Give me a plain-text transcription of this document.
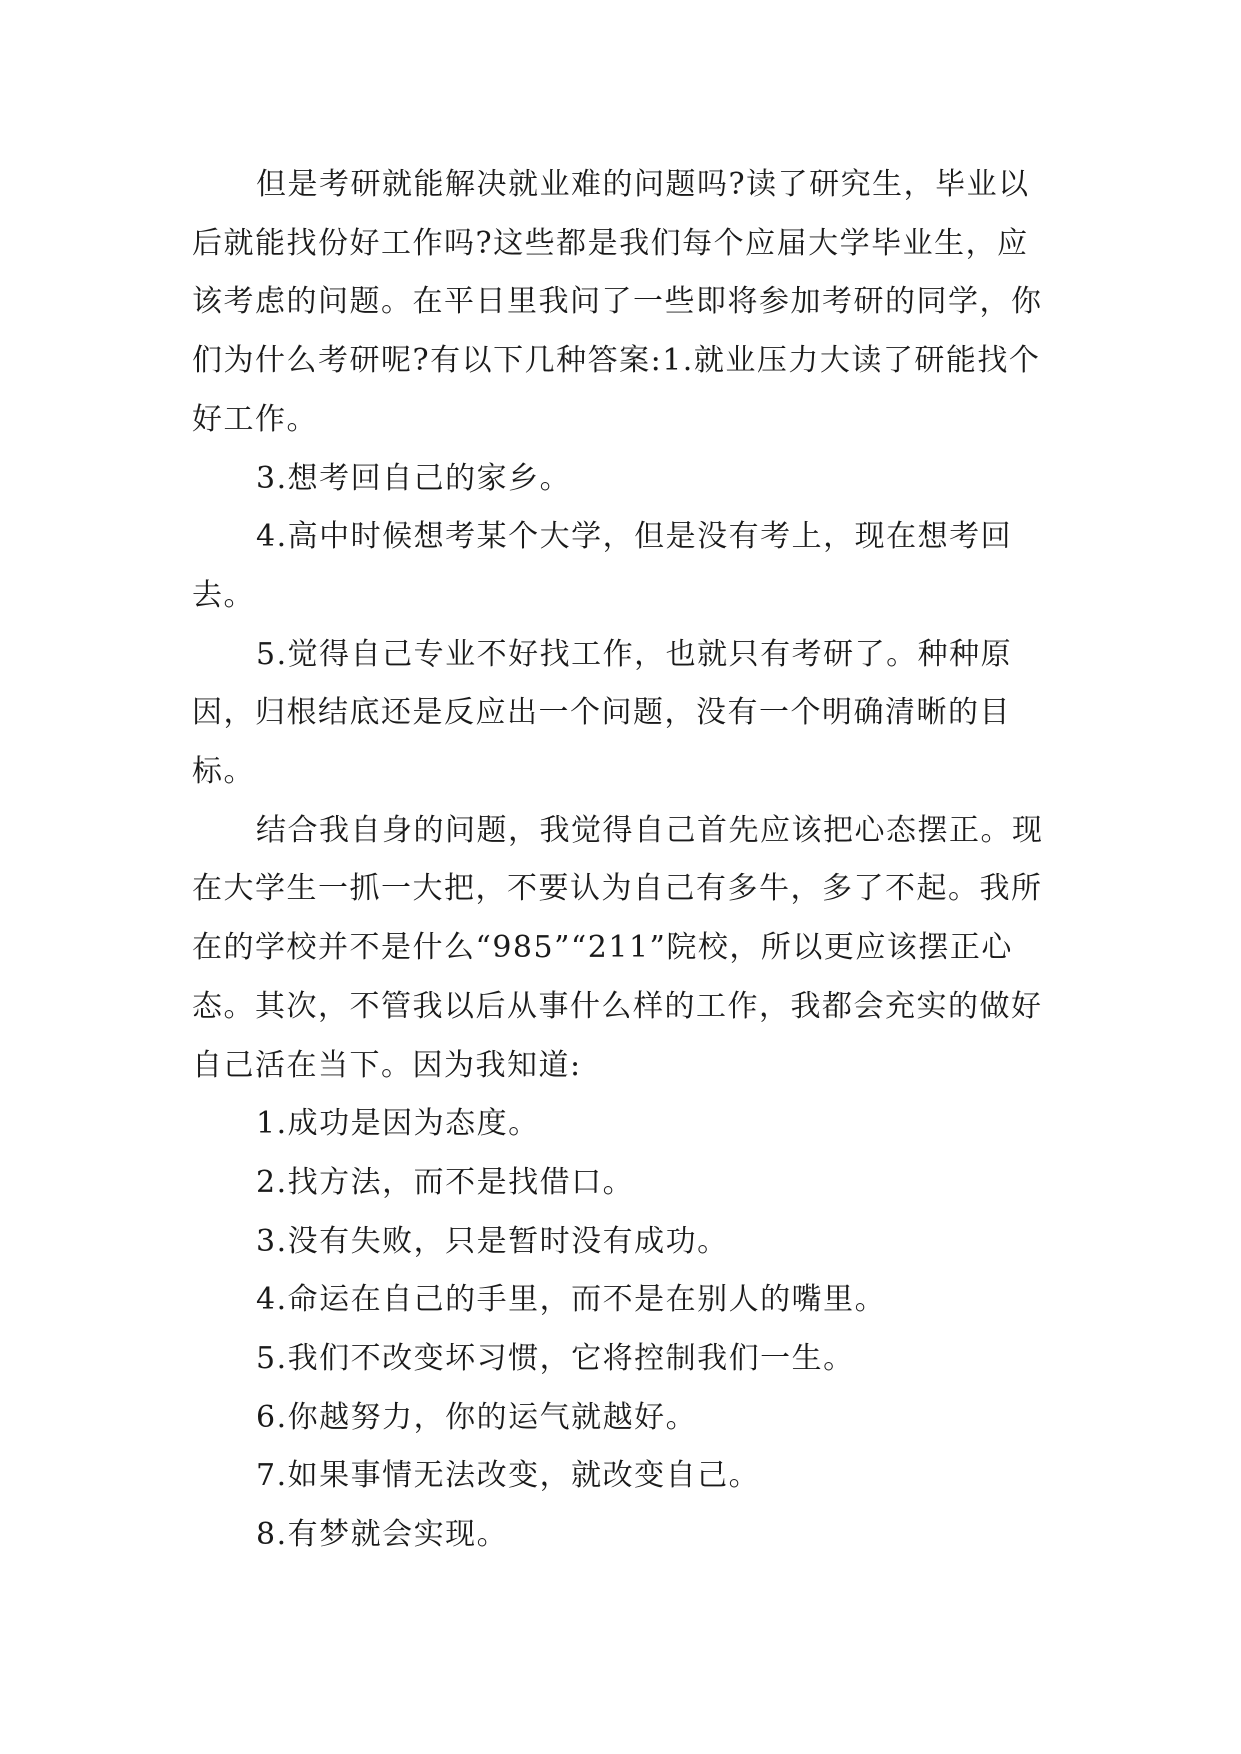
但是考研就能解决就业难的问题吗?读了研究生，毕业以后就能找份好工作吗?这些都是我们每个应届大学毕业生，应该考虑的问题。在平日里我问了一些即将参加考研的同学，你们为什么考研呢?有以下几种答案:1.就业压力大读了研能找个好工作。

3.想考回自己的家乡。

4.高中时候想考某个大学，但是没有考上，现在想考回去。

5.觉得自己专业不好找工作，也就只有考研了。种种原因，归根结底还是反应出一个问题，没有一个明确清晰的目标。

结合我自身的问题，我觉得自己首先应该把心态摆正。现在大学生一抓一大把，不要认为自己有多牛，多了不起。我所在的学校并不是什么“985”“211”院校，所以更应该摆正心态。其次，不管我以后从事什么样的工作，我都会充实的做好自己活在当下。因为我知道:

1.成功是因为态度。

2.找方法，而不是找借口。

3.没有失败，只是暂时没有成功。

4.命运在自己的手里，而不是在别人的嘴里。

5.我们不改变坏习惯，它将控制我们一生。

6.你越努力，你的运气就越好。

7.如果事情无法改变，就改变自己。

8.有梦就会实现。
